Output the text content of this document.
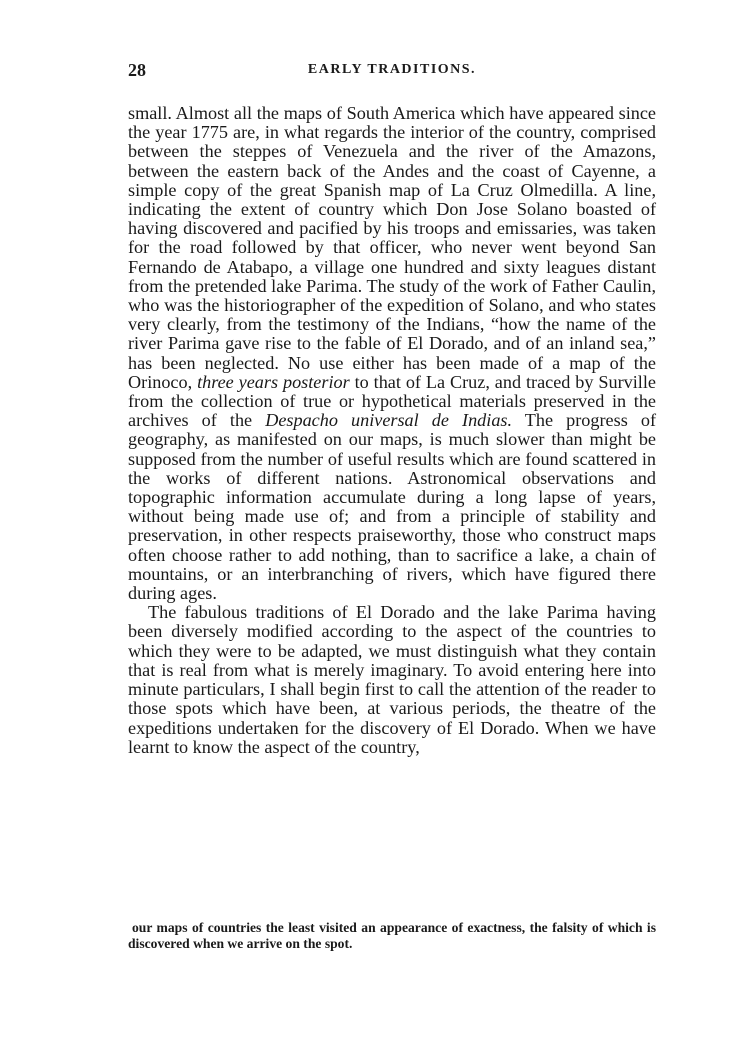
28	EARLY TRADITIONS.

small. Almost all the maps of South America which have appeared since the year 1775 are, in what regards the interior of the country, comprised between the steppes of Venezuela and the river of the Amazons, between the eastern back of the Andes and the coast of Cayenne, a simple copy of the great Spanish map of La Cruz Olmedilla. A line, indicating the extent of country which Don Jose Solano boasted of having discovered and pacified by his troops and emissaries, was taken for the road followed by that officer, who never went beyond San Fernando de Atabapo, a village one hundred and sixty leagues distant from the pretended lake Parima. The study of the work of Father Caulin, who was the historiographer of the expedition of Solano, and who states very clearly, from the testimony of the Indians, “how the name of the river Parima gave rise to the fable of El Dorado, and of an inland sea,” has been neglected. No use either has been made of a map of the Orinoco, three years posterior to that of La Cruz, and traced by Surville from the collection of true or hypothetical materials preserved in the archives of the Despacho universal de Indias. The progress of geography, as manifested on our maps, is much slower than might be supposed from the number of useful results which are found scattered in the works of different nations. Astronomical observations and topographic information accumulate during a long lapse of years, without being made use of; and from a principle of stability and preservation, in other respects praiseworthy, those who construct maps often choose rather to add nothing, than to sacrifice a lake, a chain of mountains, or an interbranching of rivers, which have figured there during ages.

The fabulous traditions of El Dorado and the lake Parima having been diversely modified according to the aspect of the countries to which they were to be adapted, we must distinguish what they contain that is real from what is merely imaginary. To avoid entering here into minute particulars, I shall begin first to call the attention of the reader to those spots which have been, at various periods, the theatre of the expeditions undertaken for the discovery of El Dorado. When we have learnt to know the aspect of the country,

our maps of countries the least visited an appearance of exactness, the falsity of which is discovered when we arrive on the spot.
